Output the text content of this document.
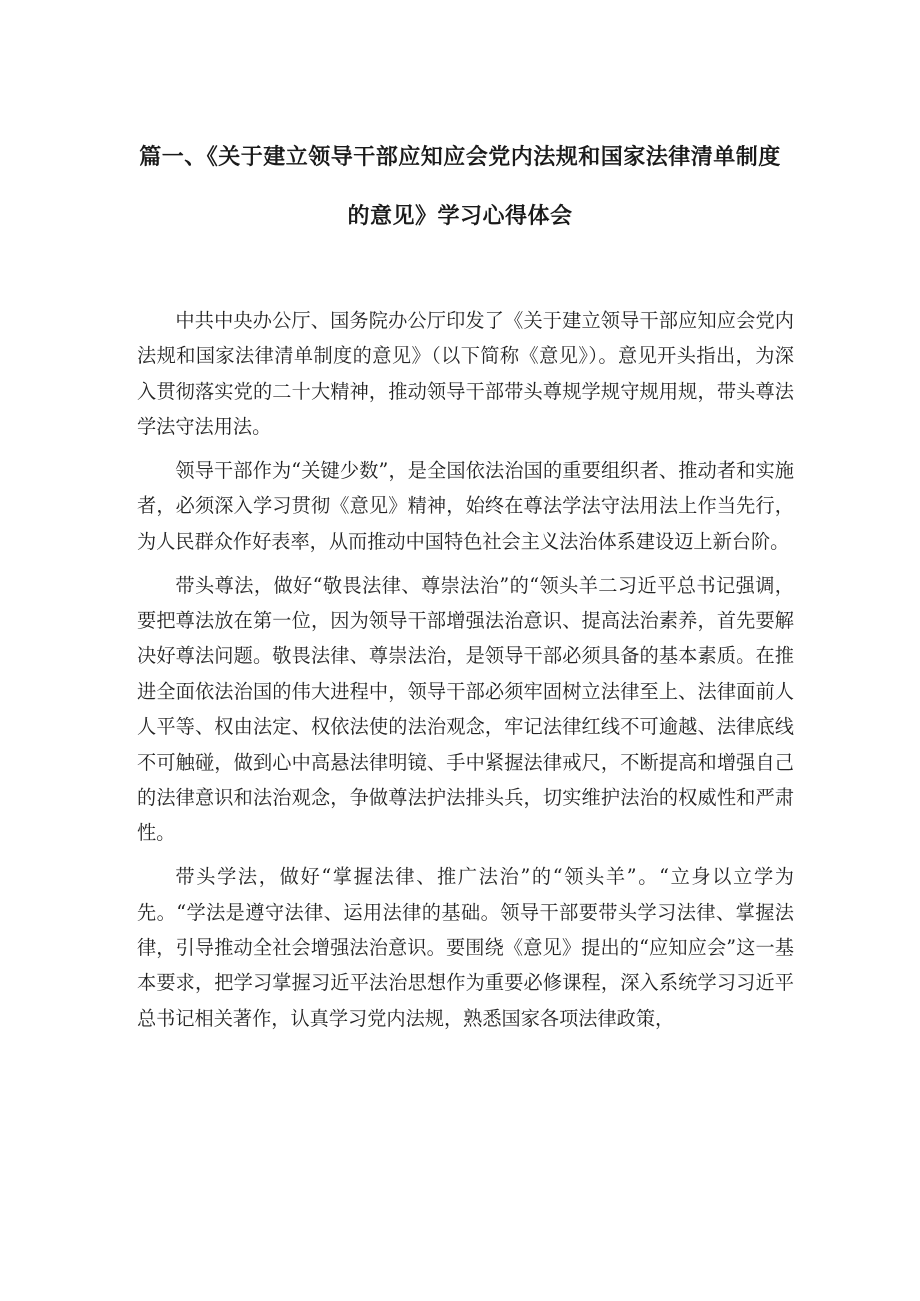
篇一、《关于建立领导干部应知应会党内法规和国家法律清单制度
的意见》学习心得体会

中共中央办公厅、国务院办公厅印发了《关于建立领导干部应知应会党内法规和国家法律清单制度的意见》（以下简称《意见》）。意见开头指出，为深入贯彻落实党的二十大精神，推动领导干部带头尊规学规守规用规，带头尊法学法守法用法。

领导干部作为“关键少数”，是全国依法治国的重要组织者、推动者和实施者，必须深入学习贯彻《意见》精神，始终在尊法学法守法用法上作当先行，为人民群众作好表率，从而推动中国特色社会主义法治体系建设迈上新台阶。

带头尊法，做好“敬畏法律、尊崇法治”的“领头羊二习近平总书记强调，要把尊法放在第一位，因为领导干部增强法治意识、提高法治素养，首先要解决好尊法问题。敬畏法律、尊崇法治，是领导干部必须具备的基本素质。在推进全面依法治国的伟大进程中，领导干部必须牢固树立法律至上、法律面前人人平等、权由法定、权依法使的法治观念，牢记法律红线不可逾越、法律底线不可触碰，做到心中高悬法律明镜、手中紧握法律戒尺，不断提高和增强自己的法律意识和法治观念，争做尊法护法排头兵，切实维护法治的权威性和严肃性。

带头学法，做好“掌握法律、推广法治”的“领头羊”。“立身以立学为先。“学法是遵守法律、运用法律的基础。领导干部要带头学习法律、掌握法律，引导推动全社会增强法治意识。要围绕《意见》提出的“应知应会”这一基本要求，把学习掌握习近平法治思想作为重要必修课程，深入系统学习习近平总书记相关著作，认真学习党内法规，熟悉国家各项法律政策，
